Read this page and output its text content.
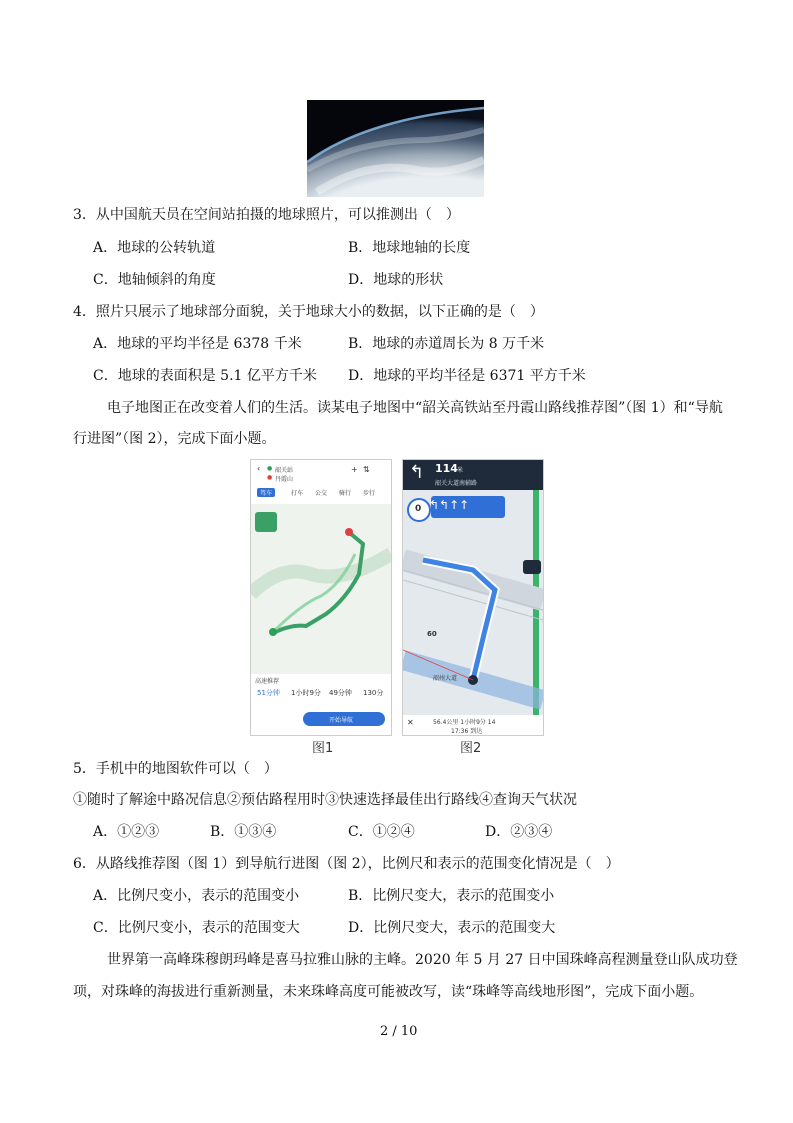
3．从中国航天员在空间站拍摄的地球照片，可以推测出（　）
A．地球的公转轨道	B．地球地轴的长度
C．地轴倾斜的角度	D．地球的形状
4．照片只展示了地球部分面貌，关于地球大小的数据，以下正确的是（　）
A．地球的平均半径是 6378 千米	B．地球的赤道周长为 8 万千米
C．地球的表面积是 5.1 亿平方千米 D．地球的平均半径是 6371 平方千米
电子地图正在改变着人们的生活。读某电子地图中“韶关高铁站至丹霞山路线推荐图”（图 1）和“导航
行进图”（图 2），完成下面小题。
‹ ● 韶关站
● 丹霞山
+ ⇅
驾车	打车 公交 骑行 步行
高速推荐
51分钟 1小时9分 49分钟 130分
开始导航
↰ 114 米
韶关大道南辅路
0 ↰↰↑↑
60
韶州大道
✕	56.4公里 1小时9分 14
17:36 到达
图1	图2
5．手机中的地图软件可以（　）
①随时了解途中路况信息②预估路程用时③快速选择最佳出行路线④查询天气状况
A．①②③	B．①③④	C．①②④	D．②③④
6．从路线推荐图（图 1）到导航行进图（图 2），比例尺和表示的范围变化情况是（　）
A．比例尺变小，表示的范围变小	B．比例尺变大，表示的范围变小
C．比例尺变小，表示的范围变大	D．比例尺变大，表示的范围变大
世界第一高峰珠穆朗玛峰是喜马拉雅山脉的主峰。2020 年 5 月 27 日中国珠峰高程测量登山队成功登
项，对珠峰的海拔进行重新测量，未来珠峰高度可能被改写，读“珠峰等高线地形图”，完成下面小题。
2 / 10
